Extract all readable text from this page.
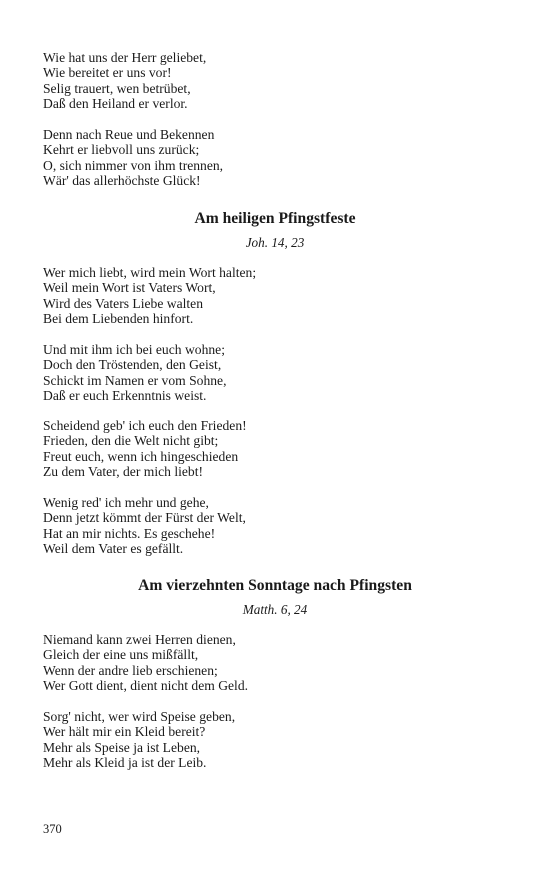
Wie hat uns der Herr geliebet,
Wie bereitet er uns vor!
Selig trauert, wen betrübet,
Daß den Heiland er verlor.
Denn nach Reue und Bekennen
Kehrt er liebvoll uns zurück;
O, sich nimmer von ihm trennen,
Wär' das allerhöchste Glück!
Am heiligen Pfingstfeste
Joh. 14, 23
Wer mich liebt, wird mein Wort halten;
Weil mein Wort ist Vaters Wort,
Wird des Vaters Liebe walten
Bei dem Liebenden hinfort.
Und mit ihm ich bei euch wohne;
Doch den Tröstenden, den Geist,
Schickt im Namen er vom Sohne,
Daß er euch Erkenntnis weist.
Scheidend geb' ich euch den Frieden!
Frieden, den die Welt nicht gibt;
Freut euch, wenn ich hingeschieden
Zu dem Vater, der mich liebt!
Wenig red' ich mehr und gehe,
Denn jetzt kömmt der Fürst der Welt,
Hat an mir nichts. Es geschehe!
Weil dem Vater es gefällt.
Am vierzehnten Sonntage nach Pfingsten
Matth. 6, 24
Niemand kann zwei Herren dienen,
Gleich der eine uns mißfällt,
Wenn der andre lieb erschienen;
Wer Gott dient, dient nicht dem Geld.
Sorg' nicht, wer wird Speise geben,
Wer hält mir ein Kleid bereit?
Mehr als Speise ja ist Leben,
Mehr als Kleid ja ist der Leib.
370
